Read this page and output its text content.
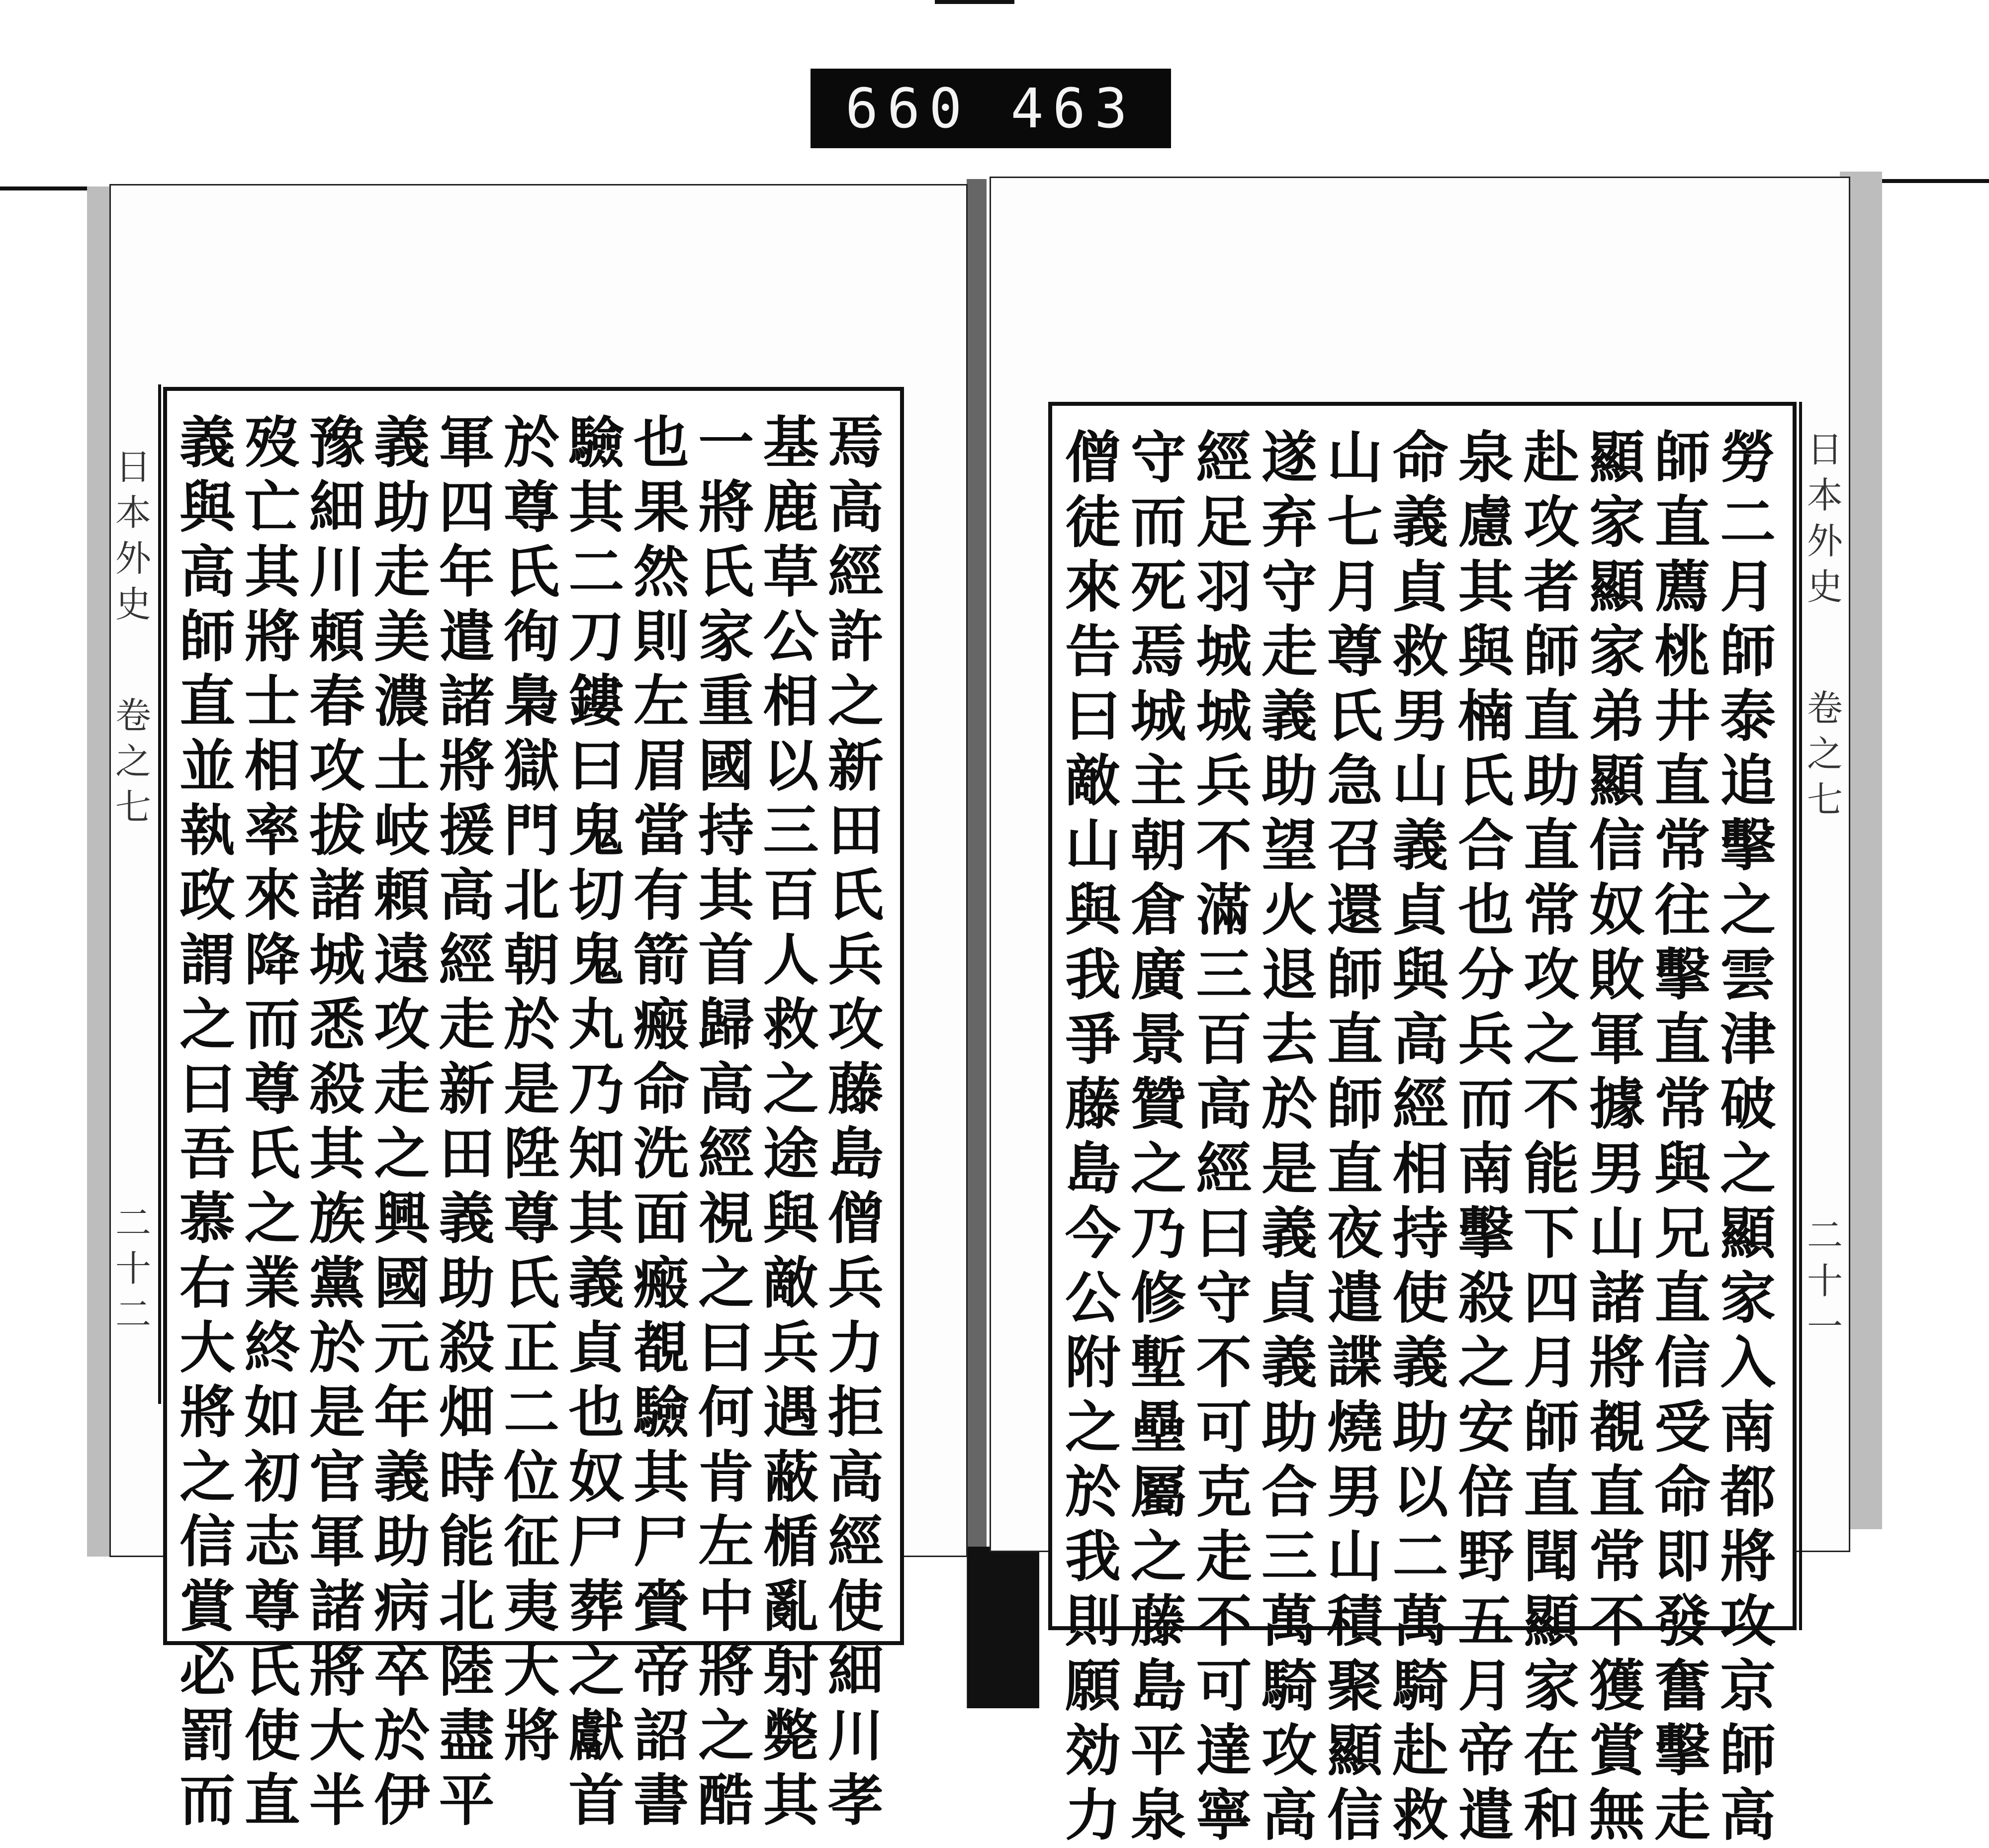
660 463
日
本
外
史
卷
之
七
二
十
二
焉
高
經
許
之
新
田
氏
兵
攻
藤
島
僧
兵
力
拒
高
經
使
細
川
孝
基
鹿
草
公
相
以
三
百
人
救
之
途
與
敵
兵
遇
蔽
楯
亂
射
斃
其
一
將
氏
家
重
國
持
其
首
歸
高
經
視
之
曰
何
肯
左
中
將
之
酷
也
果
然
則
左
眉
當
有
箭
瘢
命
洗
面
瘢
覩
驗
其
尸
賫
帝
詔
書
驗
其
二
刀
鏤
曰
鬼
切
鬼
丸
乃
知
其
義
貞
也
奴
尸
葬
之
獻
首
於
尊
氏
徇
梟
獄
門
北
朝
於
是
陞
尊
氏
正
二
位
征
夷
大
將
軍
四
年
遣
諸
將
援
高
經
走
新
田
義
助
殺
畑
時
能
北
陸
盡
平
義
助
走
美
濃
土
岐
頼
遠
攻
走
之
興
國
元
年
義
助
病
卒
於
伊
豫
細
川
頼
春
攻
拔
諸
城
悉
殺
其
族
黨
於
是
官
軍
諸
將
大
半
歿
亡
其
將
士
相
率
來
降
而
尊
氏
之
業
終
如
初
志
尊
氏
使
直
義
與
高
師
直
並
執
政
謂
之
曰
吾
慕
右
大
將
之
信
賞
必
罰
而
勞
二
月
師
泰
追
擊
之
雲
津
破
之
顯
家
入
南
都
將
攻
京
師
高
師
直
薦
桃
井
直
常
往
擊
直
常
與
兄
直
信
受
命
即
發
奮
擊
走
顯
家
顯
家
弟
顯
信
奴
敗
軍
據
男
山
諸
將
覩
直
常
不
獲
賞
無
赴
攻
者
師
直
助
直
常
攻
之
不
能
下
四
月
師
直
聞
顯
家
在
和
泉
慮
其
與
楠
氏
合
也
分
兵
而
南
擊
殺
之
安
倍
野
五
月
帝
遣
命
義
貞
救
男
山
義
貞
與
高
經
相
持
使
義
助
以
二
萬
騎
赴
救
山
七
月
尊
氏
急
召
還
師
直
師
直
夜
遣
諜
燒
男
山
積
聚
顯
信
遂
弃
守
走
義
助
望
火
退
去
於
是
義
貞
義
助
合
三
萬
騎
攻
高
經
足
羽
城
城
兵
不
滿
三
百
高
經
曰
守
不
可
克
走
不
可
達
寧
守
而
死
焉
城
主
朝
倉
廣
景
贊
之
乃
修
塹
壘
屬
之
藤
島
平
泉
僧
徒
來
告
曰
敵
山
與
我
爭
藤
島
今
公
附
之
於
我
則
願
効
力
日
本
外
史
卷
之
七
二
十
一
